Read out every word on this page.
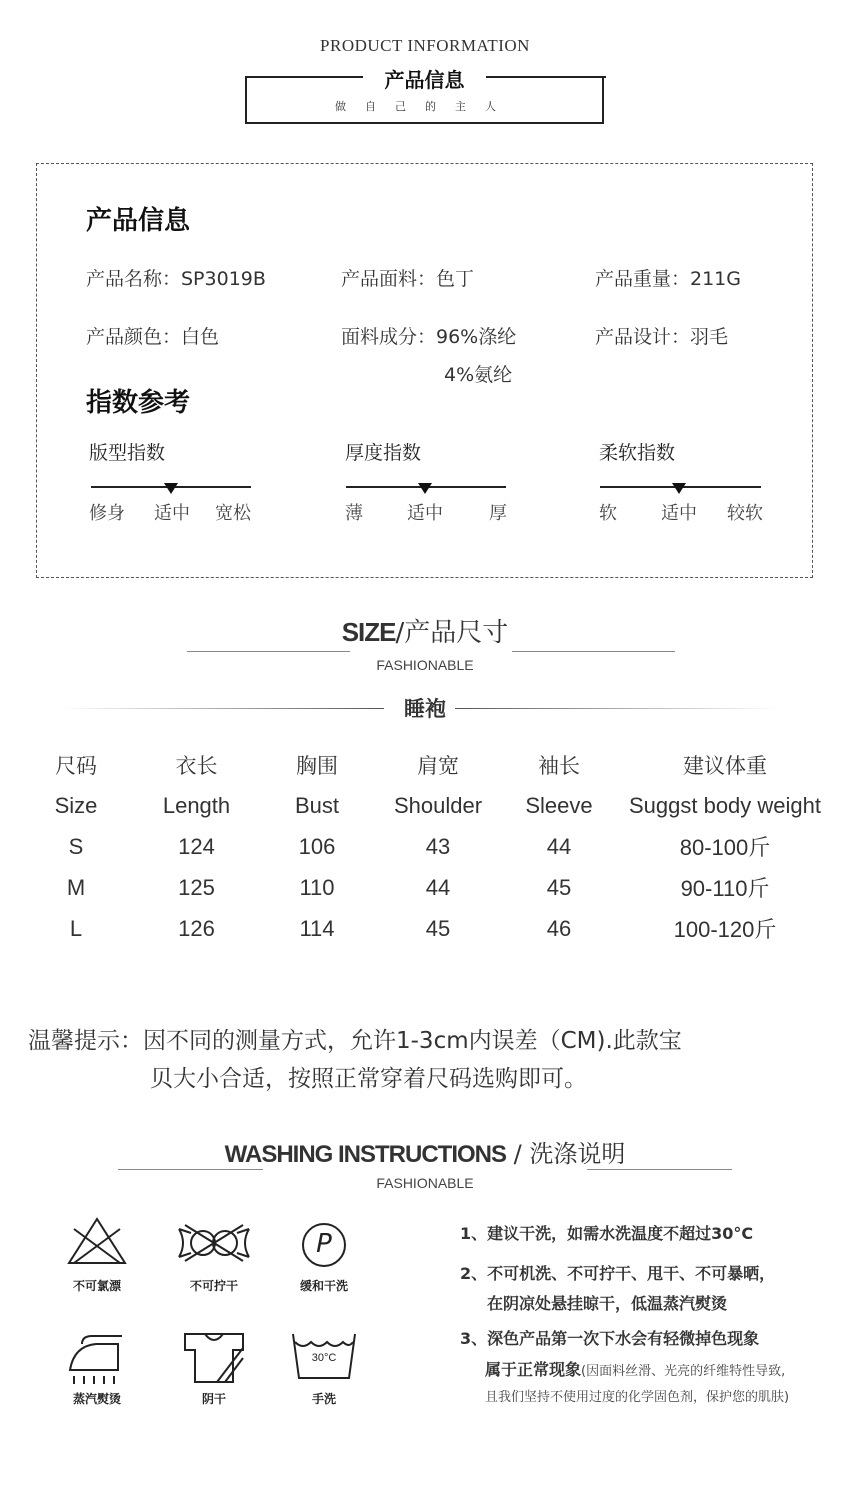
PRODUCT INFORMATION
产品信息
做自己的主人
产品信息
产品名称：SP3019B	产品面料：色丁	产品重量：211G
产品颜色：白色	面料成分：96%涤纶	产品设计：羽毛
4%氨纶
指数参考
版型指数
修身 适中 宽松
厚度指数
薄 适中	厚
柔软指数
软 适中 较软
SIZE/产品尺寸
FASHIONABLE
睡袍
尺码	衣长	胸围	肩宽	袖长	建议体重
Size	Length	Bust	Shoulder	Sleeve	Suggst body weight
S	124	106	43	44	80-100斤
M	125	110	44	45	90-110斤
L	126	114	45	46	100-120斤
温馨提示：因不同的测量方式，允许1-3cm内误差（CM).此款宝
贝大小合适，按照正常穿着尺码选购即可。
WASHING INSTRUCTIONS / 洗涤说明
FASHIONABLE
不可氯漂	不可拧干
P
缓和干洗
蒸汽熨烫	阴干
30°C
手洗
1、建议干洗，如需水洗温度不超过30°C
2、不可机洗、不可拧干、甩干、不可暴晒，
在阴凉处悬挂晾干，低温蒸汽熨烫
3、深色产品第一次下水会有轻微掉色现象
属于正常现象(因面料丝滑、光亮的纤维特性导致,
且我们坚持不使用过度的化学固色剂，保护您的肌肤)
